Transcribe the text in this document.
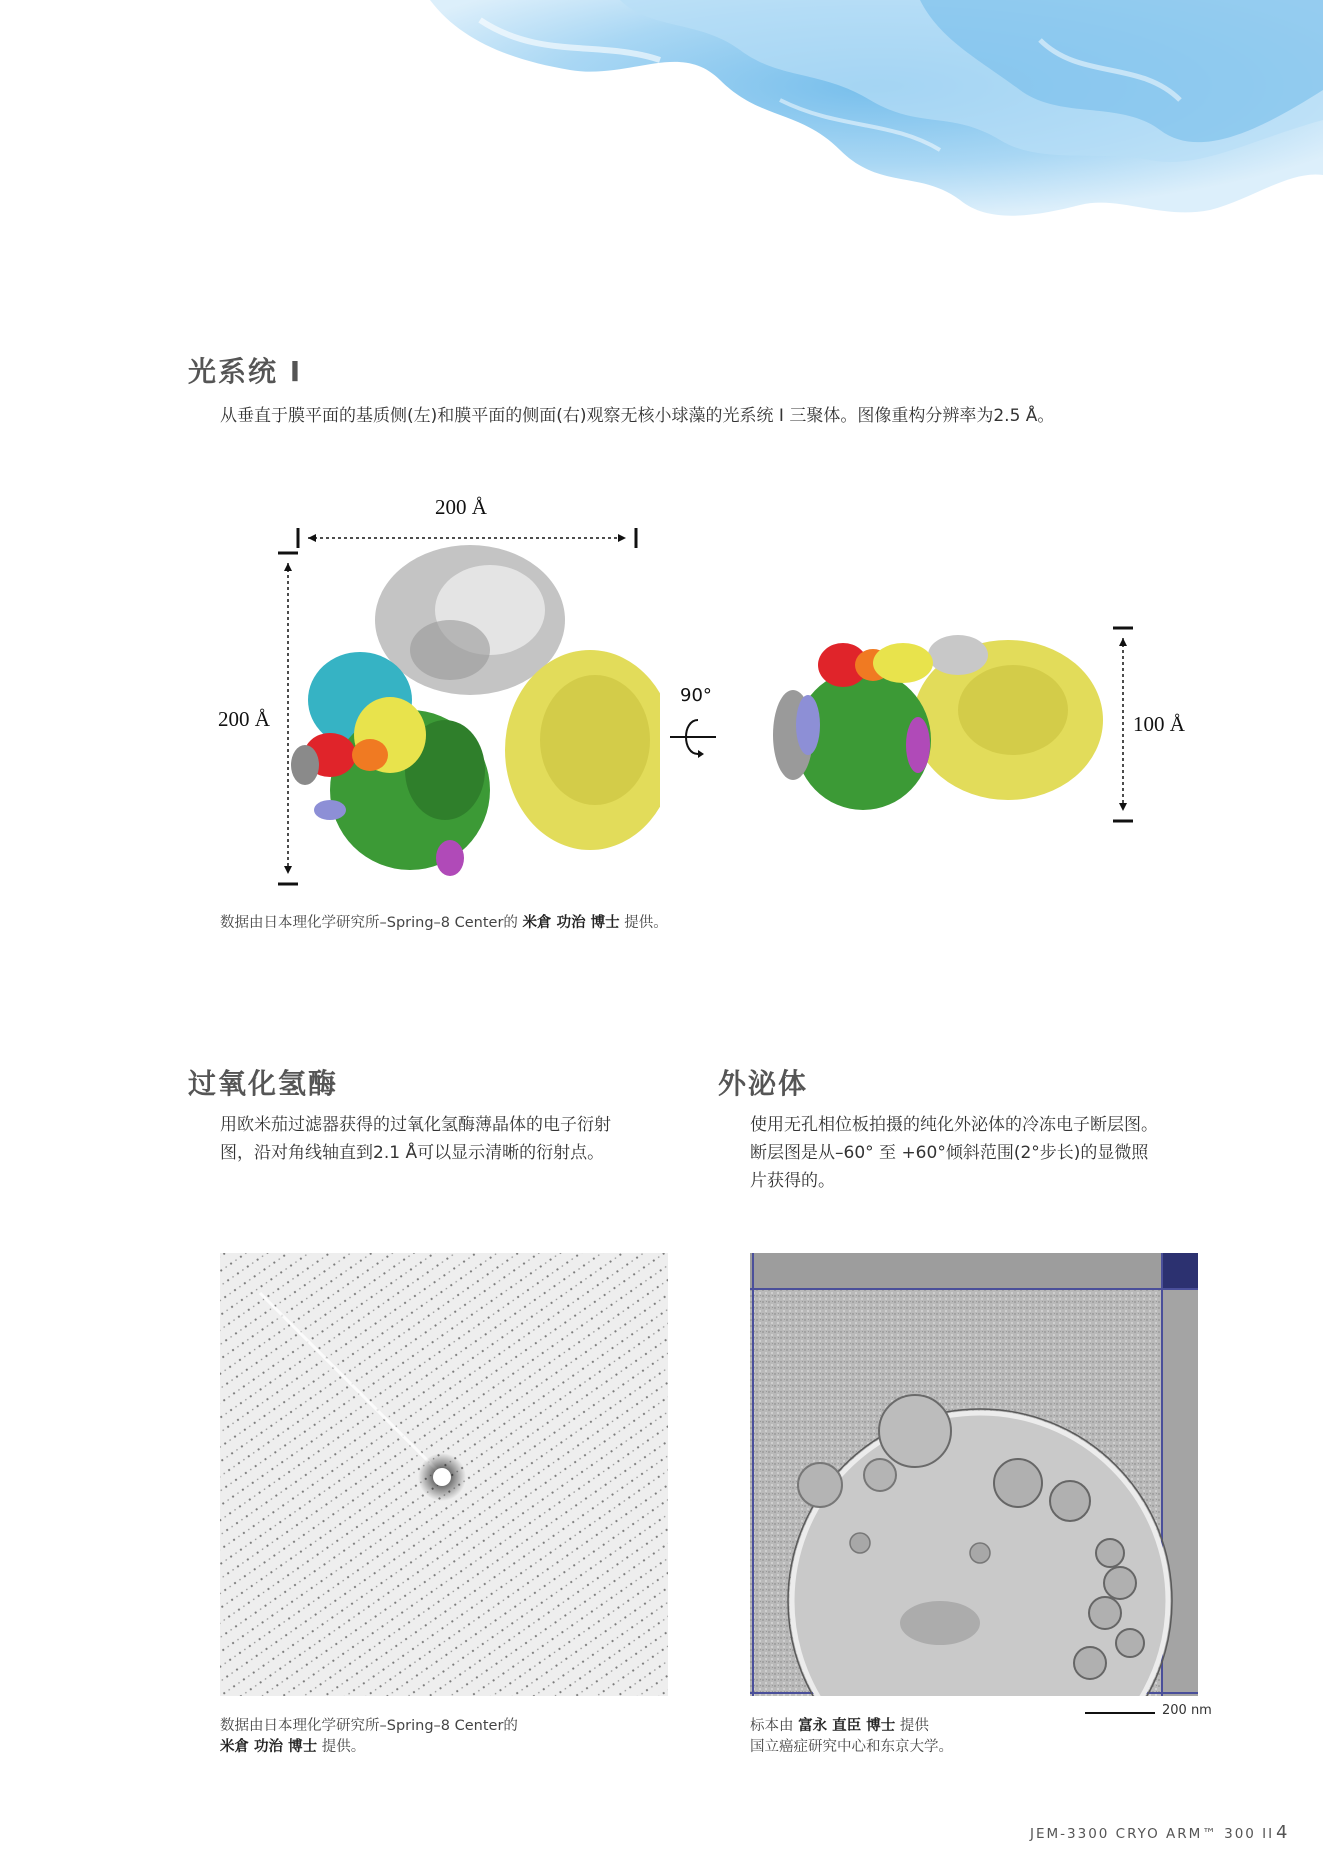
光系统 I
从垂直于膜平面的基质侧(左)和膜平面的侧面(右)观察无核小球藻的光系统 I 三聚体。图像重构分辨率为2.5 Å。
200 Å
200 Å
90°
100 Å
数据由日本理化学研究所–Spring–8 Center的 米倉 功治 博士 提供。
过氧化氢酶
用欧米茄过滤器获得的过氧化氢酶薄晶体的电子衍射
图，沿对角线轴直到2.1 Å可以显示清晰的衍射点。
数据由日本理化学研究所–Spring–8 Center的
米倉 功治 博士 提供。
外泌体
使用无孔相位板拍摄的纯化外泌体的冷冻电子断层图。
断层图是从–60° 至 +60°倾斜范围(2°步长)的显微照
片获得的。
200 nm
标本由 富永 直臣 博士 提供
国立癌症研究中心和东京大学。
JEM-3300 CRYO ARM™ 300 II 4
